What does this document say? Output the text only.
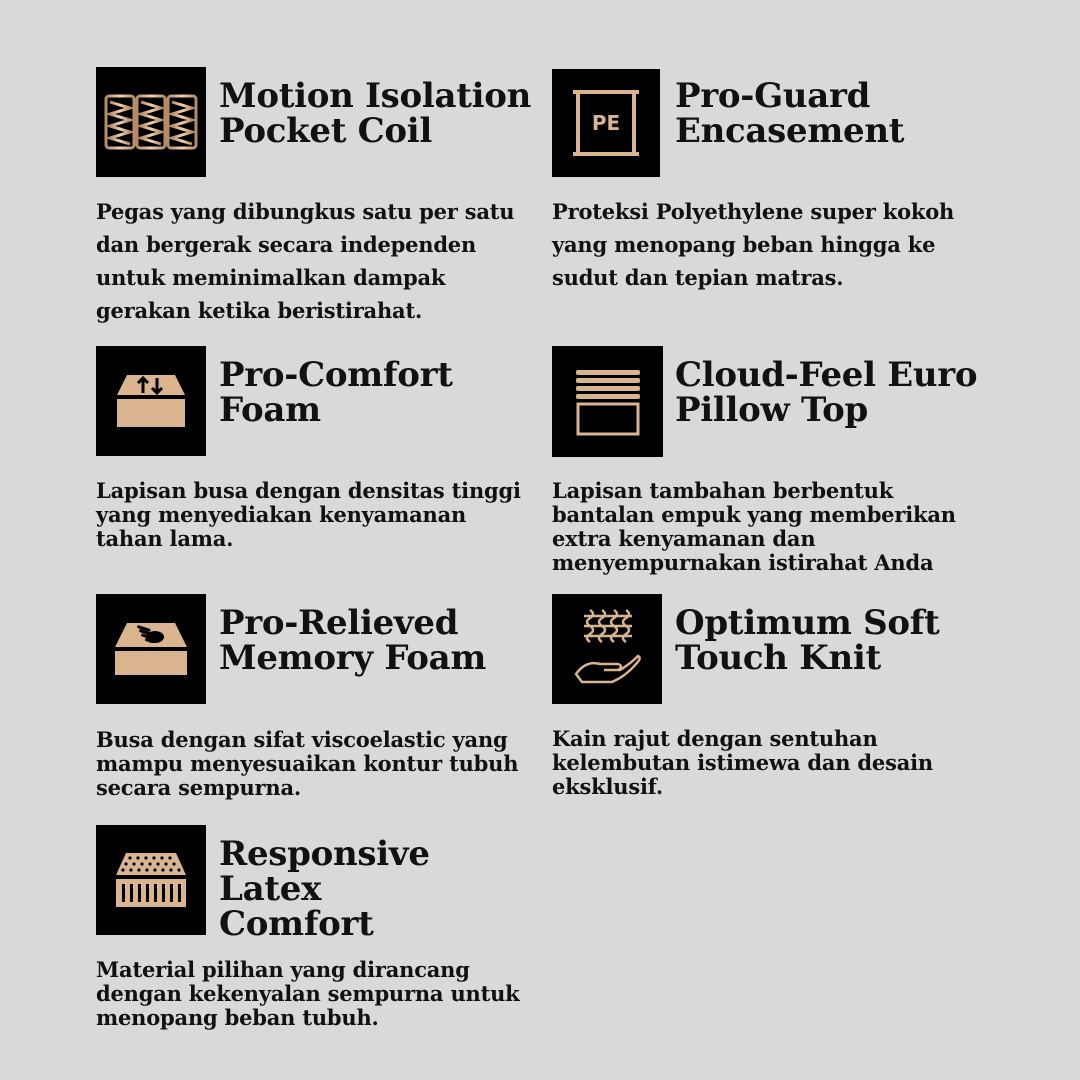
Motion Isolation
Pocket Coil
Pegas yang dibungkus satu per satu
dan bergerak secara independen
untuk meminimalkan dampak
gerakan ketika beristirahat.
PE
Pro-Guard
Encasement
Proteksi Polyethylene super kokoh
yang menopang beban hingga ke
sudut dan tepian matras.
Pro-Comfort
Foam
Lapisan busa dengan densitas tinggi
yang menyediakan kenyamanan
tahan lama.
Cloud-Feel Euro
Pillow Top
Lapisan tambahan berbentuk
bantalan empuk yang memberikan
extra kenyamanan dan
menyempurnakan istirahat Anda
Pro-Relieved
Memory Foam
Busa dengan sifat viscoelastic yang
mampu menyesuaikan kontur tubuh
secara sempurna.
Optimum Soft
Touch Knit
Kain rajut dengan sentuhan
kelembutan istimewa dan desain
eksklusif.
Responsive Latex
Comfort
Material pilihan yang dirancang
dengan kekenyalan sempurna untuk
menopang beban tubuh.
